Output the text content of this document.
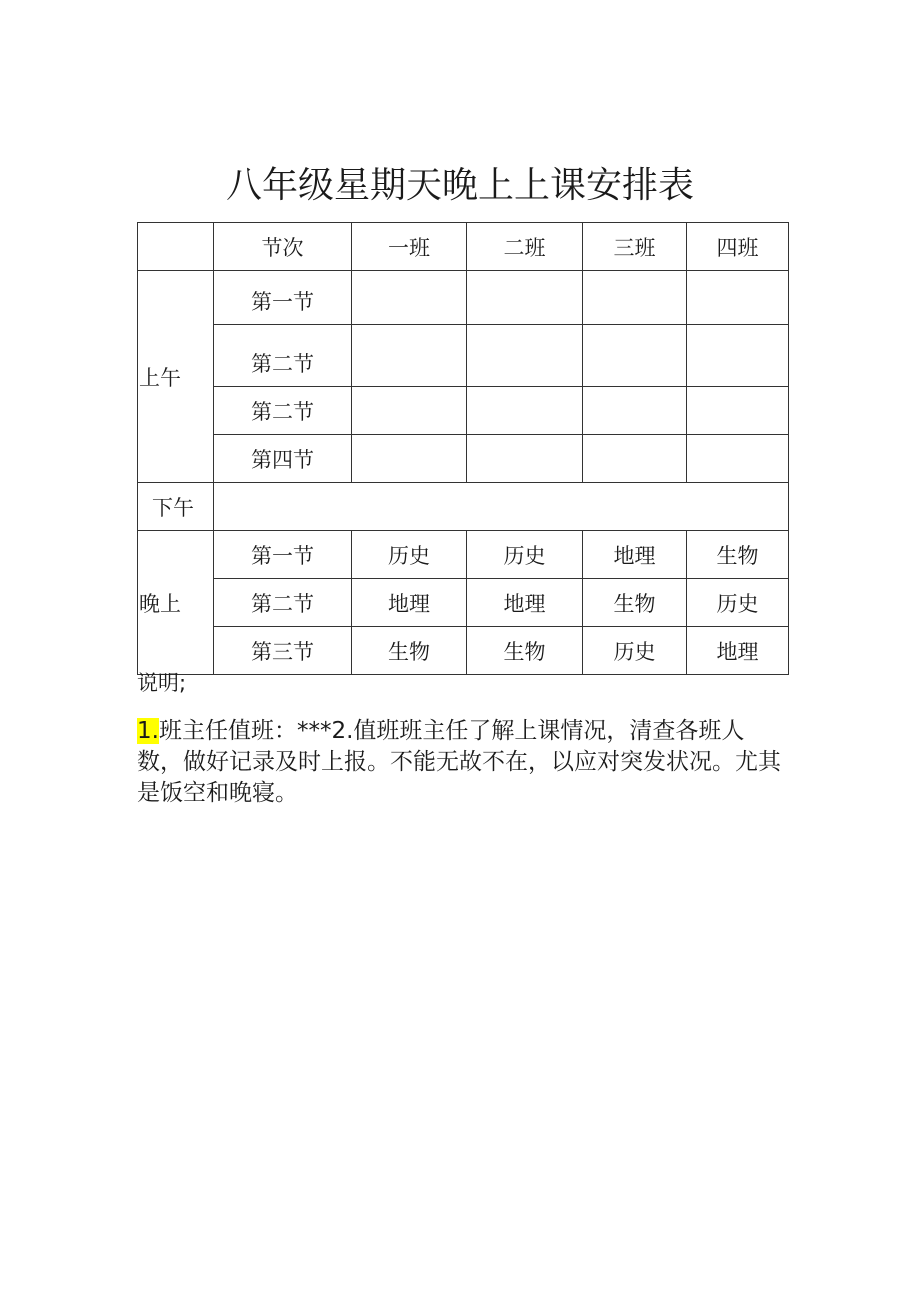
八年级星期天晚上上课安排表
	节次	一班	二班	三班	四班
上午	第一节				
	第二节				
	第二节				
	第四节				
下午					
晚上	第一节	历史	历史	地理	生物
	第二节	地理	地理	生物	历史
	第三节	生物	生物	历史	地理

说明;

1.班主任值班：***2.值班班主任了解上课情况，清查各班人数，做好记录及时上报。不能无故不在，以应对突发状况。尤其是饭空和晚寝。
